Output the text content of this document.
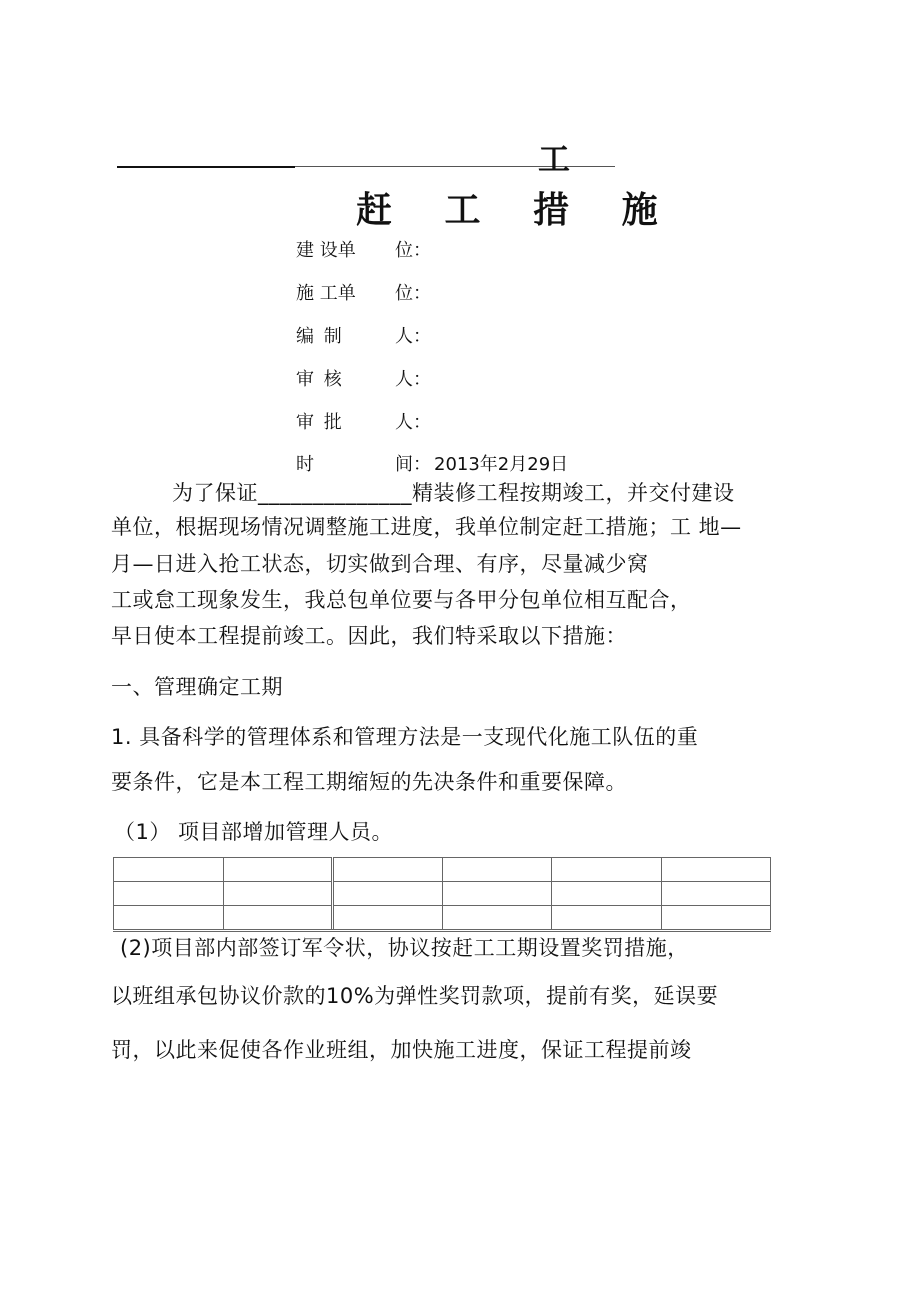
工
赶 工 措 施
建 设单 位：
施 工单 位：
编 制	人：
审 核	人：
审 批	人：
时	间： 2013年2月29日
为了保证______________精装修工程按期竣工，并交付建设
单位，根据现场情况调整施工进度，我单位制定赶工措施；工 地—
月—日进入抢工状态，切实做到合理、有序，尽量减少窝
工或怠工现象发生，我总包单位要与各甲分包单位相互配合，
早日使本工程提前竣工。因此，我们特采取以下措施：
一、管理确定工期
1. 具备科学的管理体系和管理方法是一支现代化施工队伍的重
要条件，它是本工程工期缩短的先决条件和重要保障。
（1） 项目部增加管理人员。

(2)项目部内部签订军令状，协议按赶工工期设置奖罚措施，
以班组承包协议价款的10%为弹性奖罚款项，提前有奖，延误要
罚，以此来促使各作业班组，加快施工进度，保证工程提前竣
